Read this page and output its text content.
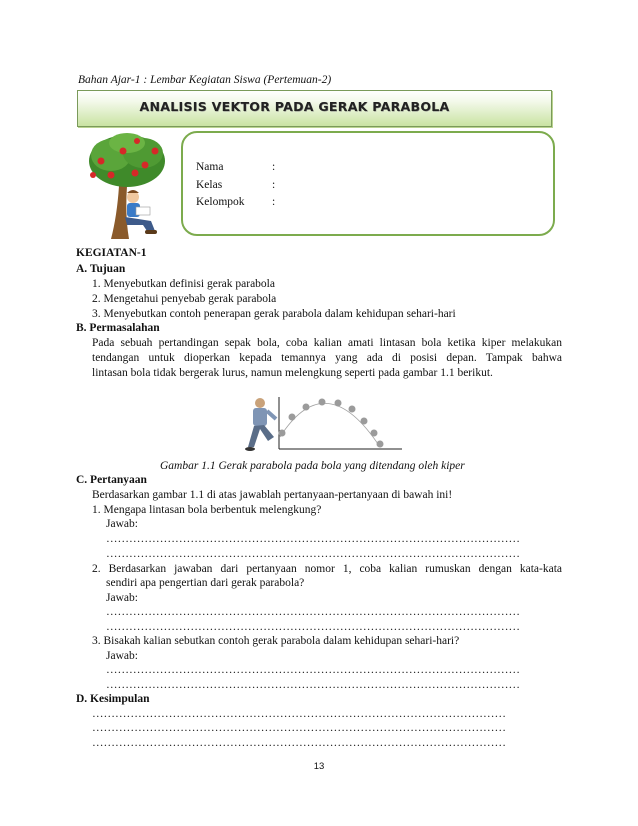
Bahan Ajar-1 : Lembar Kegiatan Siswa (Pertemuan-2)
ANALISIS VEKTOR PADA GERAK PARABOLA
Nama	:
Kelas	:
Kelompok :
KEGIATAN-1
A. Tujuan
1. Menyebutkan definisi gerak parabola
2. Mengetahui penyebab gerak parabola
3. Menyebutkan contoh penerapan gerak parabola dalam kehidupan sehari-hari
B. Permasalahan
Pada sebuah pertandingan sepak bola, coba kalian amati lintasan bola ketika kiper melakukan
tendangan untuk dioperkan kepada temannya yang ada di posisi depan. Tampak bahwa
lintasan bola tidak bergerak lurus, namun melengkung seperti pada gambar 1.1 berikut.
Gambar 1.1 Gerak parabola pada bola yang ditendang oleh kiper
C. Pertanyaan
Berdasarkan gambar 1.1 di atas jawablah pertanyaan-pertanyaan di bawah ini!
1. Mengapa lintasan bola berbentuk melengkung?
Jawab:
………………………………………………………………………………………………
………………………………………………………………………………………………
2. Berdasarkan jawaban dari pertanyaan nomor 1, coba kalian rumuskan dengan kata-kata
sendiri apa pengertian dari gerak parabola?
Jawab:
………………………………………………………………………………………………
………………………………………………………………………………………………
3. Bisakah kalian sebutkan contoh gerak parabola dalam kehidupan sehari-hari?
Jawab:
………………………………………………………………………………………………
………………………………………………………………………………………………
D. Kesimpulan
………………………………………………………………………………………………
………………………………………………………………………………………………
………………………………………………………………………………………………
13
